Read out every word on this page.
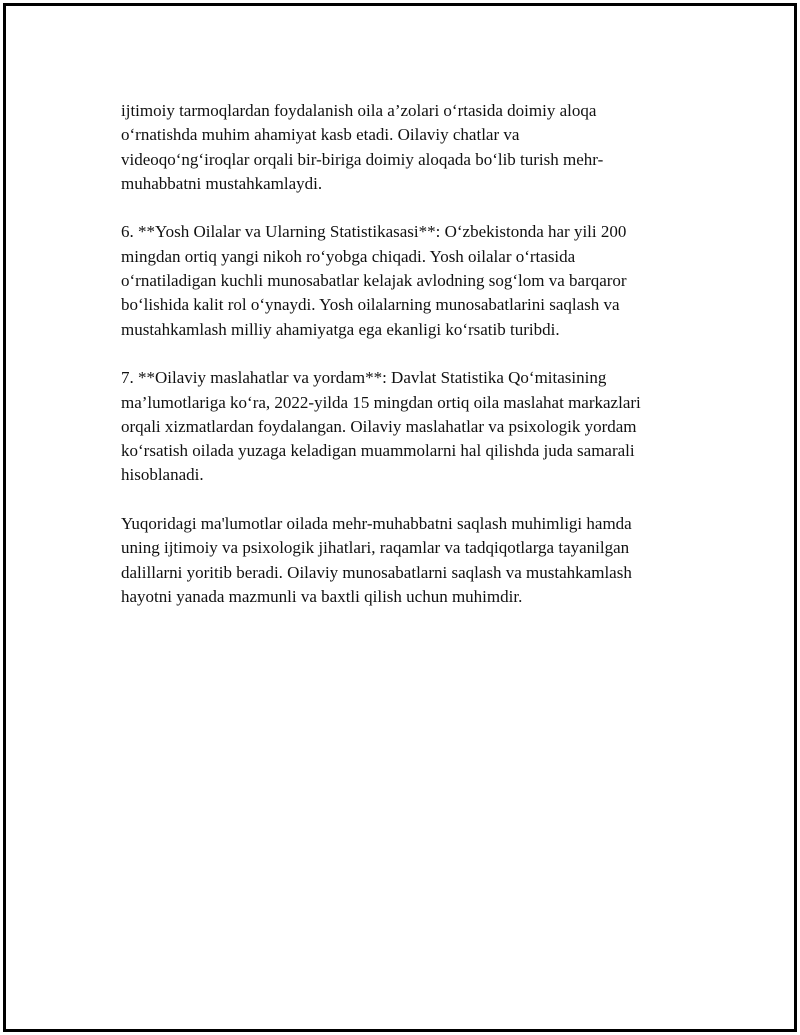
ijtimoiy tarmoqlardan foydalanish oila a’zolari o‘rtasida doimiy aloqa
o‘rnatishda muhim ahamiyat kasb etadi. Oilaviy chatlar va
videoqo‘ng‘iroqlar orqali bir-biriga doimiy aloqada bo‘lib turish mehr-
muhabbatni mustahkamlaydi.

6. **Yosh Oilalar va Ularning Statistikasasi**: O‘zbekistonda har yili 200
mingdan ortiq yangi nikoh ro‘yobga chiqadi. Yosh oilalar o‘rtasida
o‘rnatiladigan kuchli munosabatlar kelajak avlodning sog‘lom va barqaror
bo‘lishida kalit rol o‘ynaydi. Yosh oilalarning munosabatlarini saqlash va
mustahkamlash milliy ahamiyatga ega ekanligi ko‘rsatib turibdi.

7. **Oilaviy maslahatlar va yordam**: Davlat Statistika Qo‘mitasining
ma’lumotlariga ko‘ra, 2022-yilda 15 mingdan ortiq oila maslahat markazlari
orqali xizmatlardan foydalangan. Oilaviy maslahatlar va psixologik yordam
ko‘rsatish oilada yuzaga keladigan muammolarni hal qilishda juda samarali
hisoblanadi.

Yuqoridagi ma'lumotlar oilada mehr-muhabbatni saqlash muhimligi hamda
uning ijtimoiy va psixologik jihatlari, raqamlar va tadqiqotlarga tayanilgan
dalillarni yoritib beradi. Oilaviy munosabatlarni saqlash va mustahkamlash
hayotni yanada mazmunli va baxtli qilish uchun muhimdir.
